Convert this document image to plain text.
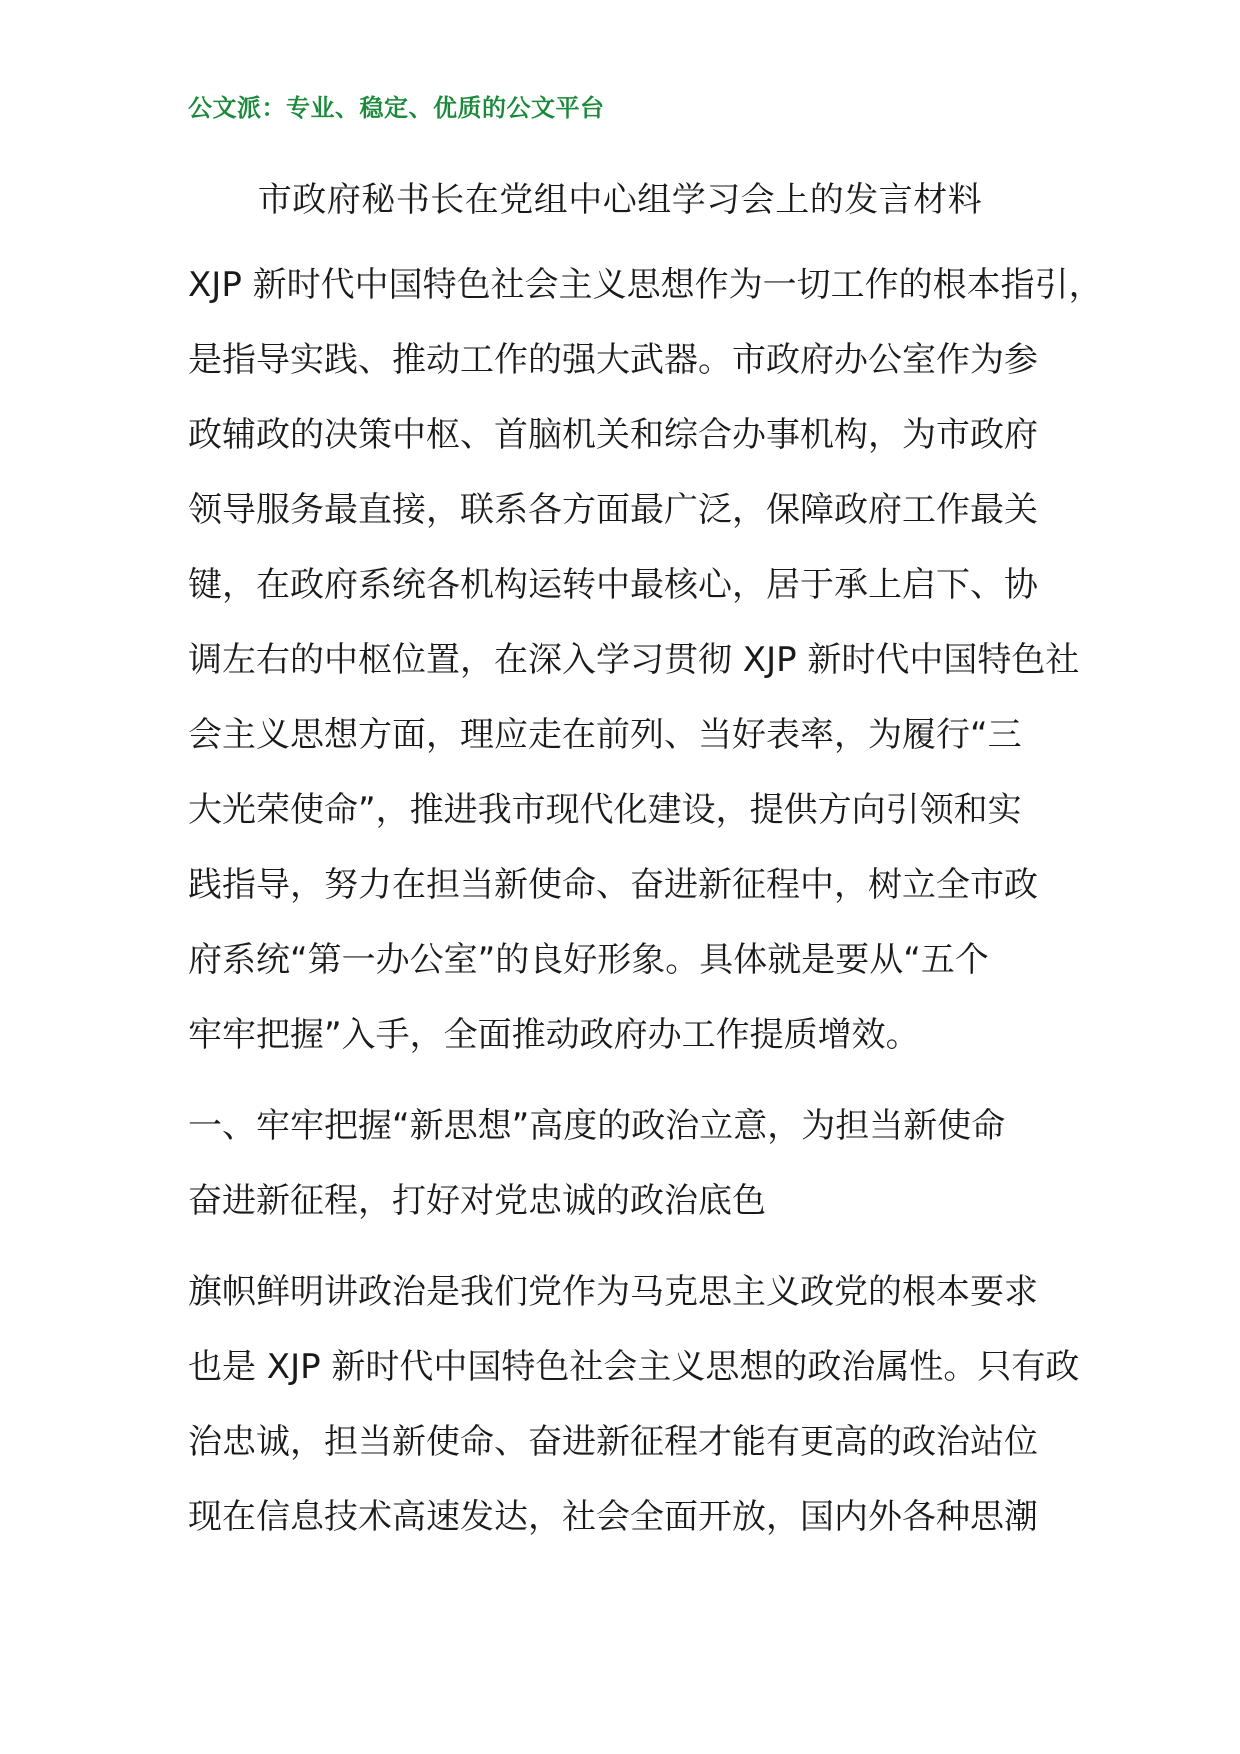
公文派：专业、稳定、优质的公文平台
市政府秘书长在党组中心组学习会上的发言材料
XJP 新时代中国特色社会主义思想作为一切工作的根本指引，
是指导实践、推动工作的强大武器。市政府办公室作为参
政辅政的决策中枢、首脑机关和综合办事机构，为市政府
领导服务最直接，联系各方面最广泛，保障政府工作最关
键，在政府系统各机构运转中最核心，居于承上启下、协
调左右的中枢位置，在深入学习贯彻 XJP 新时代中国特色社
会主义思想方面，理应走在前列、当好表率，为履行“三
大光荣使命”，推进我市现代化建设，提供方向引领和实
践指导，努力在担当新使命、奋进新征程中，树立全市政
府系统“第一办公室”的良好形象。具体就是要从“五个
牢牢把握”入手，全面推动政府办工作提质增效。
一、牢牢把握“新思想”高度的政治立意，为担当新使命
奋进新征程，打好对党忠诚的政治底色
旗帜鲜明讲政治是我们党作为马克思主义政党的根本要求
也是 XJP 新时代中国特色社会主义思想的政治属性。只有政
治忠诚，担当新使命、奋进新征程才能有更高的政治站位
现在信息技术高速发达，社会全面开放，国内外各种思潮
